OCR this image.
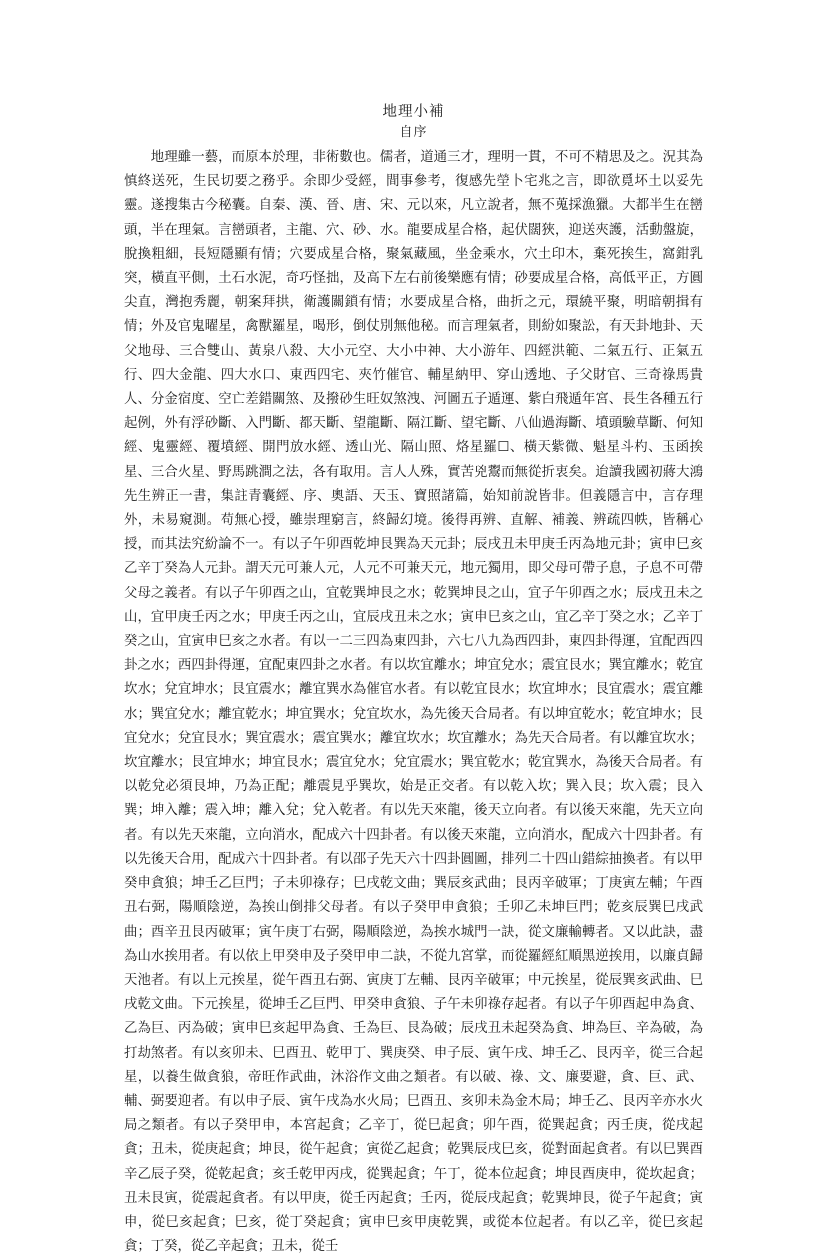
地理小補
自序
地理雖一藝，而原本於理，非術數也。儒者，道通三才，理明一貫，不可不精思及之。況其為慎終送死，生民切要之務乎。余即少受經，間事參考，復感先塋卜宅兆之言，即欲覓坏土以妥先靈。遂搜集古今秘囊。自秦、漢、晉、唐、宋、元以來，凡立說者，無不蒐採漁獵。大都半生在巒頭，半在理氣。言巒頭者，主龍、穴、砂、水。龍要成星合格，起伏闊狹，迎送夾護，活動盤旋，脫換粗細，長短隱顯有情；穴要成星合格，聚氣藏風，坐金乘水，穴土印木，棄死挨生，窩鉗乳突，橫直平側，土石水泥，奇巧怪拙，及高下左右前後樂應有情；砂要成星合格，高低平正，方圓尖直，灣抱秀麗，朝案拜拱，衛護關鎖有情；水要成星合格，曲折之元，環繞平聚，明暗朝揖有情；外及官鬼曜星，禽獸羅星，喝形，倒仗別無他秘。而言理氣者，則紛如聚訟，有天卦地卦、天父地母、三合雙山、黃泉八殺、大小元空、大小中神、大小游年、四經洪範、二氣五行、正氣五行、四大金龍、四大水口、東西四宅、夾竹催官、輔星納甲、穿山透地、子父財官、三奇祿馬貴人、分金宿度、空亡差錯關煞、及撥砂生旺奴煞洩、河圖五子遁運、紫白飛遁年宮、長生各種五行起例，外有浮砂斷、入門斷、都天斷、望龍斷、隔江斷、望宅斷、八仙過海斷、墳頭驗草斷、何知經、鬼靈經、覆墳經、開門放水經、透山光、隔山照、烙星羅☐、橫天紫微、魁星斗杓、玉函挨星、三合火星、野馬跳澗之法，各有取用。言人人殊，實苦兇鬻而無從折衷矣。迨讀我國初蔣大鴻先生辨正一書，集註青囊經、序、奧語、天玉、寶照諸篇，始知前說皆非。但義隱言中，言存理外，未易窺測。苟無心授，雖崇理窮言，終歸幻境。後得再辨、直解、補義、辨疏四帙，皆稱心授，而其法究紛論不一。有以子午卯酉乾坤艮巽為天元卦；辰戌丑未甲庚壬丙為地元卦；寅申巳亥乙辛丁癸為人元卦。謂天元可兼人元，人元不可兼天元，地元獨用，即父母可帶子息，子息不可帶父母之義者。有以子午卯酉之山，宜乾巽坤艮之水；乾巽坤艮之山，宜子午卯酉之水；辰戌丑未之山，宜甲庚壬丙之水；甲庚壬丙之山，宜辰戌丑未之水；寅申巳亥之山，宜乙辛丁癸之水；乙辛丁癸之山，宜寅申巳亥之水者。有以一二三四為東四卦，六七八九為西四卦，東四卦得運，宜配西四卦之水；西四卦得運，宜配東四卦之水者。有以坎宜離水；坤宜兌水；震宜艮水；巽宜離水；乾宜坎水；兌宜坤水；艮宜震水；離宜巽水為催官水者。有以乾宜艮水；坎宜坤水；艮宜震水；震宜離水；巽宜兌水；離宜乾水；坤宜巽水；兌宜坎水，為先後天合局者。有以坤宜乾水；乾宜坤水；艮宜兌水；兌宜艮水；巽宜震水；震宜巽水；離宜坎水；坎宜離水；為先天合局者。有以離宜坎水；坎宜離水；艮宜坤水；坤宜艮水；震宜兌水；兌宜震水；巽宜乾水；乾宜巽水，為後天合局者。有以乾兌必須艮坤，乃為正配；離震見乎巽坎，始是正交者。有以乾入坎；巽入艮；坎入震；艮入巽；坤入離；震入坤；離入兌；兌入乾者。有以先天來龍，後天立向者。有以後天來龍，先天立向者。有以先天來龍，立向消水，配成六十四卦者。有以後天來龍，立向消水，配成六十四卦者。有以先後天合用，配成六十四卦者。有以邵子先天六十四卦圓圖，排列二十四山錯綜抽換者。有以甲癸申貪狼；坤壬乙巨門；子未卯祿存；巳戌乾文曲；巽辰亥武曲；艮丙辛破軍；丁庚寅左輔；午酉丑右弼，陽順陰逆，為挨山倒排父母者。有以子癸甲申貪狼；壬卯乙未坤巨門；乾亥辰巽巳戌武曲；酉辛丑艮丙破軍；寅午庚丁右弼，陽順陰逆，為挨水城門一訣，從文廉輸轉者。又以此訣，盡為山水挨用者。有以依上甲癸申及子癸甲申二訣，不從九宮掌，而從羅經紅順黑逆挨用，以廉貞歸天池者。有以上元挨星，從午酉丑右弼、寅庚丁左輔、艮丙辛破軍；中元挨星，從辰巽亥武曲、巳戌乾文曲。下元挨星，從坤壬乙巨門、甲癸申貪狼、子午未卯祿存起者。有以子午卯酉起申為貪、乙為巨、丙為破；寅申巳亥起甲為貪、壬為巨、艮為破；辰戌丑未起癸為貪、坤為巨、辛為破，為打劫煞者。有以亥卯未、巳酉丑、乾甲丁、巽庚癸、申子辰、寅午戌、坤壬乙、艮丙辛，從三合起星，以養生做貪狼，帝旺作武曲，沐浴作文曲之類者。有以破、祿、文、廉要避，貪、巨、武、輔、弼要迎者。有以申子辰、寅午戌為水火局；巳酉丑、亥卯未為金木局；坤壬乙、艮丙辛亦水火局之類者。有以子癸甲申，本宮起貪；乙辛丁，從巳起貪；卯午酉，從巽起貪；丙壬庚，從戌起貪；丑未，從庚起貪；坤艮，從午起貪；寅從乙起貪；乾巽辰戌巳亥，從對面起貪者。有以巳巽酉辛乙辰子癸，從乾起貪；亥壬乾甲丙戌，從巽起貪；午丁，從本位起貪；坤艮酉庚申，從坎起貪；丑未艮寅，從震起貪者。有以甲庚，從壬丙起貪；壬丙，從辰戌起貪；乾巽坤艮，從子午起貪；寅申，從巳亥起貪；巳亥，從丁癸起貪；寅申巳亥甲庚乾巽，或從本位起者。有以乙辛，從巳亥起貪；丁癸，從乙辛起貪；丑未，從壬
